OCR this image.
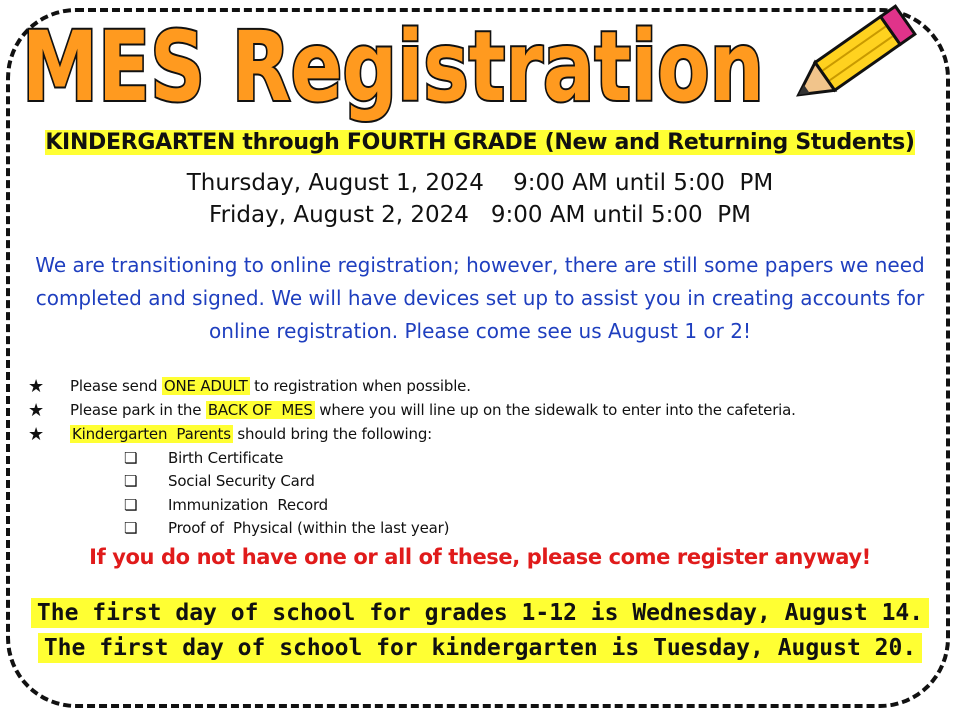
MES Registration
KINDERGARTEN through FOURTH GRADE (New and Returning Students)
Thursday, August 1, 2024    9:00 AM until 5:00  PM
Friday, August 2, 2024   9:00 AM until 5:00  PM
We are transitioning to online registration; however, there are still some papers we need completed and signed. We will have devices set up to assist you in creating accounts for online registration. Please come see us August 1 or 2!
★	Please send ONE ADULT to registration when possible.
★	Please park in the BACK OF  MES where you will line up on the sidewalk to enter into the cafeteria.
★	Kindergarten  Parents should bring the following:
❏	Birth Certificate
❏	Social Security Card
❏	Immunization  Record
❏	Proof of  Physical (within the last year)
If you do not have one or all of these, please come register anyway!
The first day of school for grades 1-12 is Wednesday, August 14.
The first day of school for kindergarten is Tuesday, August 20.
